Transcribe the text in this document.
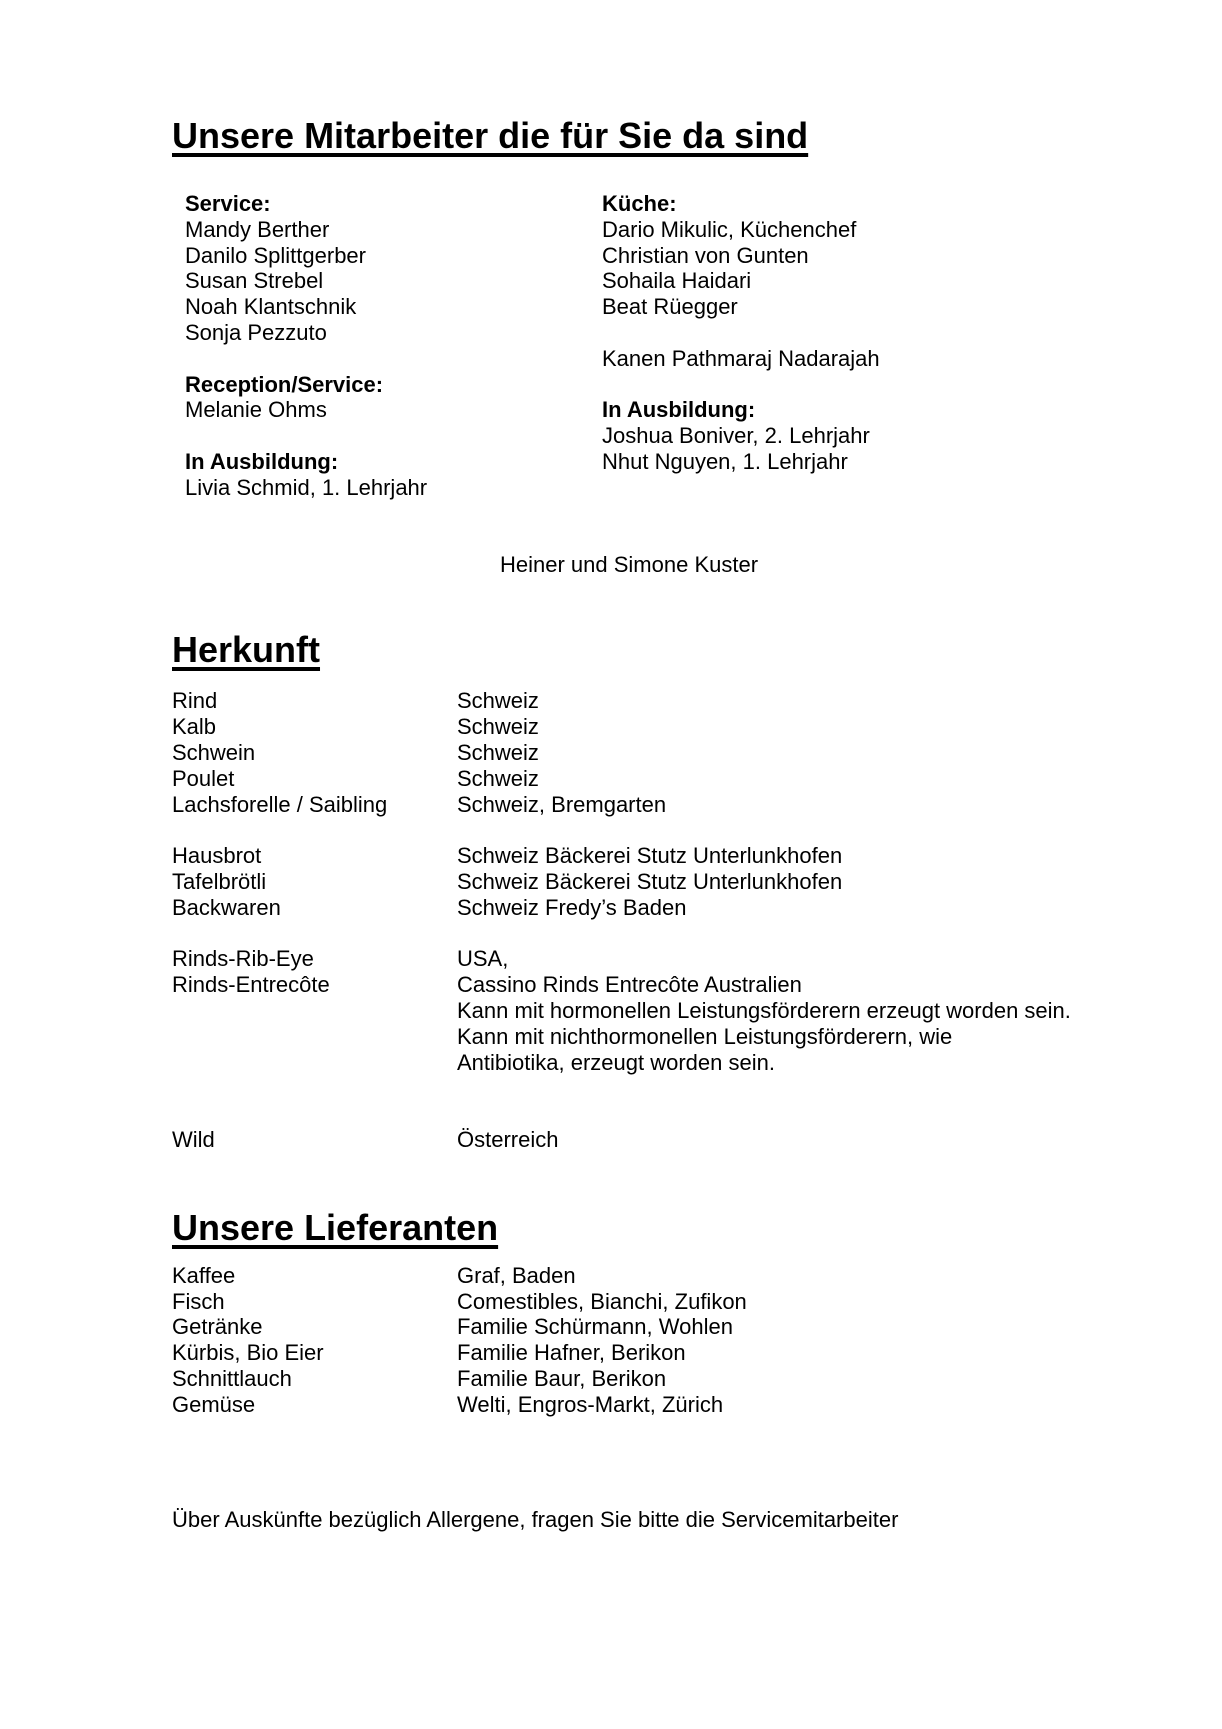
Unsere Mitarbeiter die für Sie da sind
Service:
Mandy Berther
Danilo Splittgerber
Susan Strebel
Noah Klantschnik
Sonja Pezzuto
Reception/Service:
Melanie Ohms
In Ausbildung:
Livia Schmid, 1. Lehrjahr
Küche:
Dario Mikulic, Küchenchef
Christian von Gunten
Sohaila Haidari
Beat Rüegger
Kanen Pathmaraj Nadarajah
In Ausbildung:
Joshua Boniver, 2. Lehrjahr
Nhut Nguyen, 1. Lehrjahr
Heiner und Simone Kuster
Herkunft
Rind	Schweiz
Kalb	Schweiz
Schwein	Schweiz
Poulet	Schweiz
Lachsforelle / Saibling	Schweiz, Bremgarten
Hausbrot	Schweiz Bäckerei Stutz Unterlunkhofen
Tafelbrötli	Schweiz Bäckerei Stutz Unterlunkhofen
Backwaren	Schweiz Fredy’s Baden
Rinds-Rib-Eye	USA,
Rinds-Entrecôte	Cassino Rinds Entrecôte Australien
Kann mit hormonellen Leistungsförderern erzeugt worden sein.
Kann mit nichthormonellen Leistungsförderern, wie
Antibiotika, erzeugt worden sein.
Wild	Österreich
Unsere Lieferanten
Kaffee	Graf, Baden
Fisch	Comestibles, Bianchi, Zufikon
Getränke	Familie Schürmann, Wohlen
Kürbis, Bio Eier	Familie Hafner, Berikon
Schnittlauch	Familie Baur, Berikon
Gemüse	Welti, Engros-Markt, Zürich
Über Auskünfte bezüglich Allergene, fragen Sie bitte die Servicemitarbeiter
